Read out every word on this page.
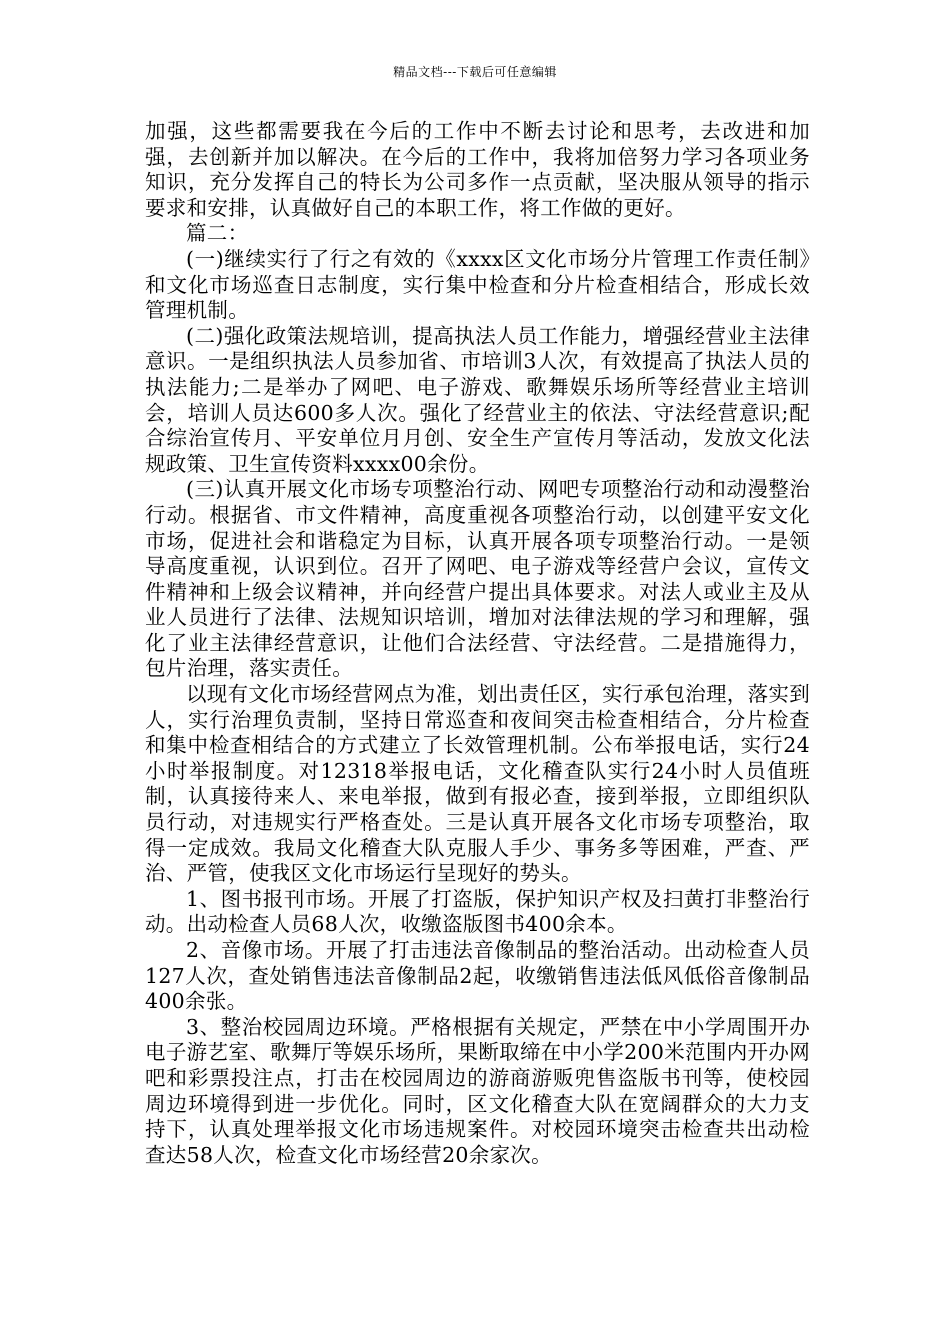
精品文档---下载后可任意编辑

加强，这些都需要我在今后的工作中不断去讨论和思考，去改进和加强，去创新并加以解决。在今后的工作中，我将加倍努力学习各项业务知识，充分发挥自己的特长为公司多作一点贡献，坚决服从领导的指示要求和安排，认真做好自己的本职工作，将工作做的更好。

篇二：

(一)继续实行了行之有效的《xxxx区文化市场分片管理工作责任制》和文化市场巡查日志制度，实行集中检查和分片检查相结合，形成长效管理机制。

(二)强化政策法规培训，提高执法人员工作能力，增强经营业主法律意识。一是组织执法人员参加省、市培训3人次，有效提高了执法人员的执法能力;二是举办了网吧、电子游戏、歌舞娱乐场所等经营业主培训会，培训人员达600多人次。强化了经营业主的依法、守法经营意识;配合综治宣传月、平安单位月月创、安全生产宣传月等活动，发放文化法规政策、卫生宣传资料xxxx00余份。

(三)认真开展文化市场专项整治行动、网吧专项整治行动和动漫整治行动。根据省、市文件精神，高度重视各项整治行动，以创建平安文化市场，促进社会和谐稳定为目标，认真开展各项专项整治行动。一是领导高度重视，认识到位。召开了网吧、电子游戏等经营户会议，宣传文件精神和上级会议精神，并向经营户提出具体要求。对法人或业主及从业人员进行了法律、法规知识培训，增加对法律法规的学习和理解，强化了业主法律经营意识，让他们合法经营、守法经营。二是措施得力，包片治理，落实责任。

以现有文化市场经营网点为准，划出责任区，实行承包治理，落实到人，实行治理负责制，坚持日常巡查和夜间突击检查相结合，分片检查和集中检查相结合的方式建立了长效管理机制。公布举报电话，实行24小时举报制度。对12318举报电话，文化稽查队实行24小时人员值班制，认真接待来人、来电举报，做到有报必查，接到举报，立即组织队员行动，对违规实行严格查处。三是认真开展各文化市场专项整治，取得一定成效。我局文化稽查大队克服人手少、事务多等困难，严查、严治、严管，使我区文化市场运行呈现好的势头。

1、图书报刊市场。开展了打盗版，保护知识产权及扫黄打非整治行动。出动检查人员68人次，收缴盗版图书400余本。

2、音像市场。开展了打击违法音像制品的整治活动。出动检查人员127人次，查处销售违法音像制品2起，收缴销售违法低风低俗音像制品400余张。

3、整治校园周边环境。严格根据有关规定，严禁在中小学周围开办电子游艺室、歌舞厅等娱乐场所，果断取缔在中小学200米范围内开办网吧和彩票投注点，打击在校园周边的游商游贩兜售盗版书刊等，使校园周边环境得到进一步优化。同时，区文化稽查大队在宽阔群众的大力支持下，认真处理举报文化市场违规案件。对校园环境突击检查共出动检查达58人次，检查文化市场经营20余家次。
